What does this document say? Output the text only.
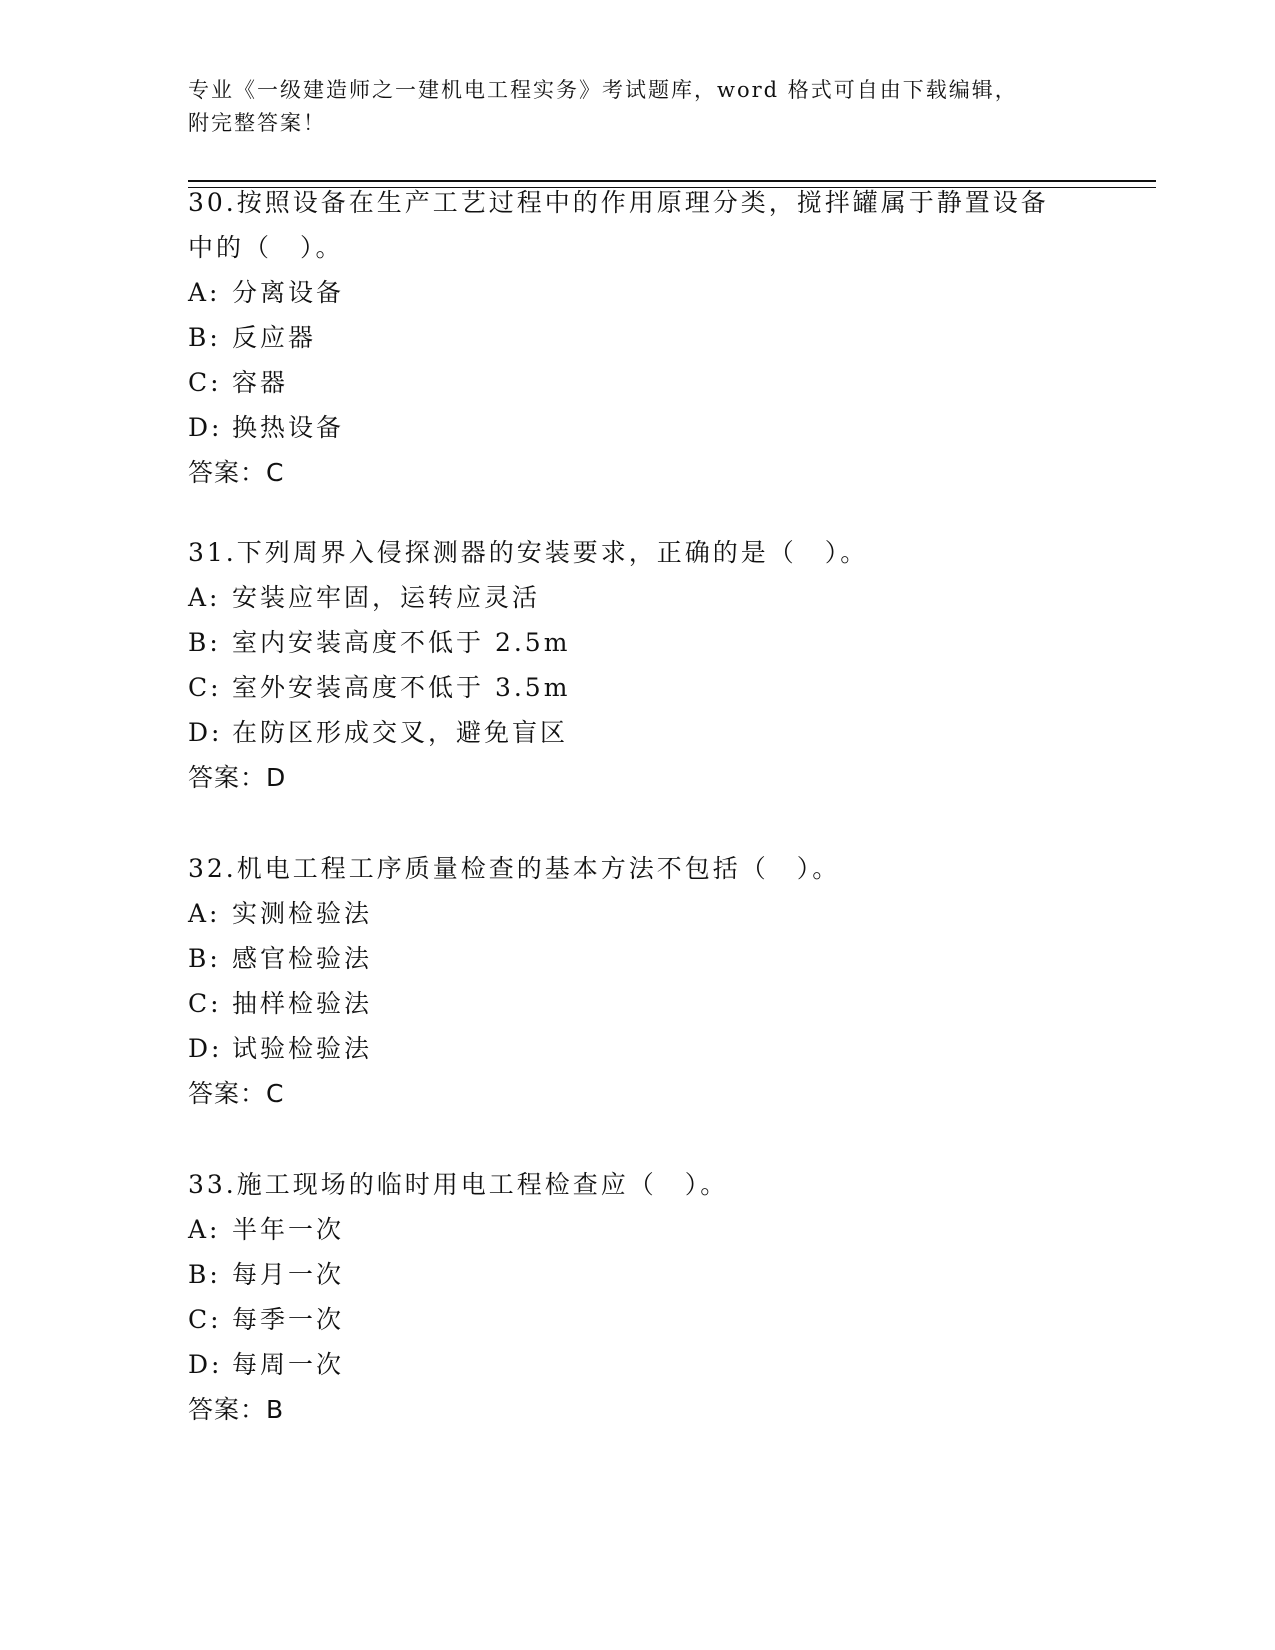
专业《一级建造师之一建机电工程实务》考试题库，word 格式可自由下载编辑，
附完整答案！
30.按照设备在生产工艺过程中的作用原理分类，搅拌罐属于静置设备
中的（　）。
A: 分离设备
B: 反应器
C: 容器
D: 换热设备
答案：C
31.下列周界入侵探测器的安装要求，正确的是（　）。
A: 安装应牢固，运转应灵活
B: 室内安装高度不低于 2.5m
C: 室外安装高度不低于 3.5m
D: 在防区形成交叉，避免盲区
答案：D
32.机电工程工序质量检查的基本方法不包括（　）。
A: 实测检验法
B: 感官检验法
C: 抽样检验法
D: 试验检验法
答案：C
33.施工现场的临时用电工程检查应（　）。
A: 半年一次
B: 每月一次
C: 每季一次
D: 每周一次
答案：B
